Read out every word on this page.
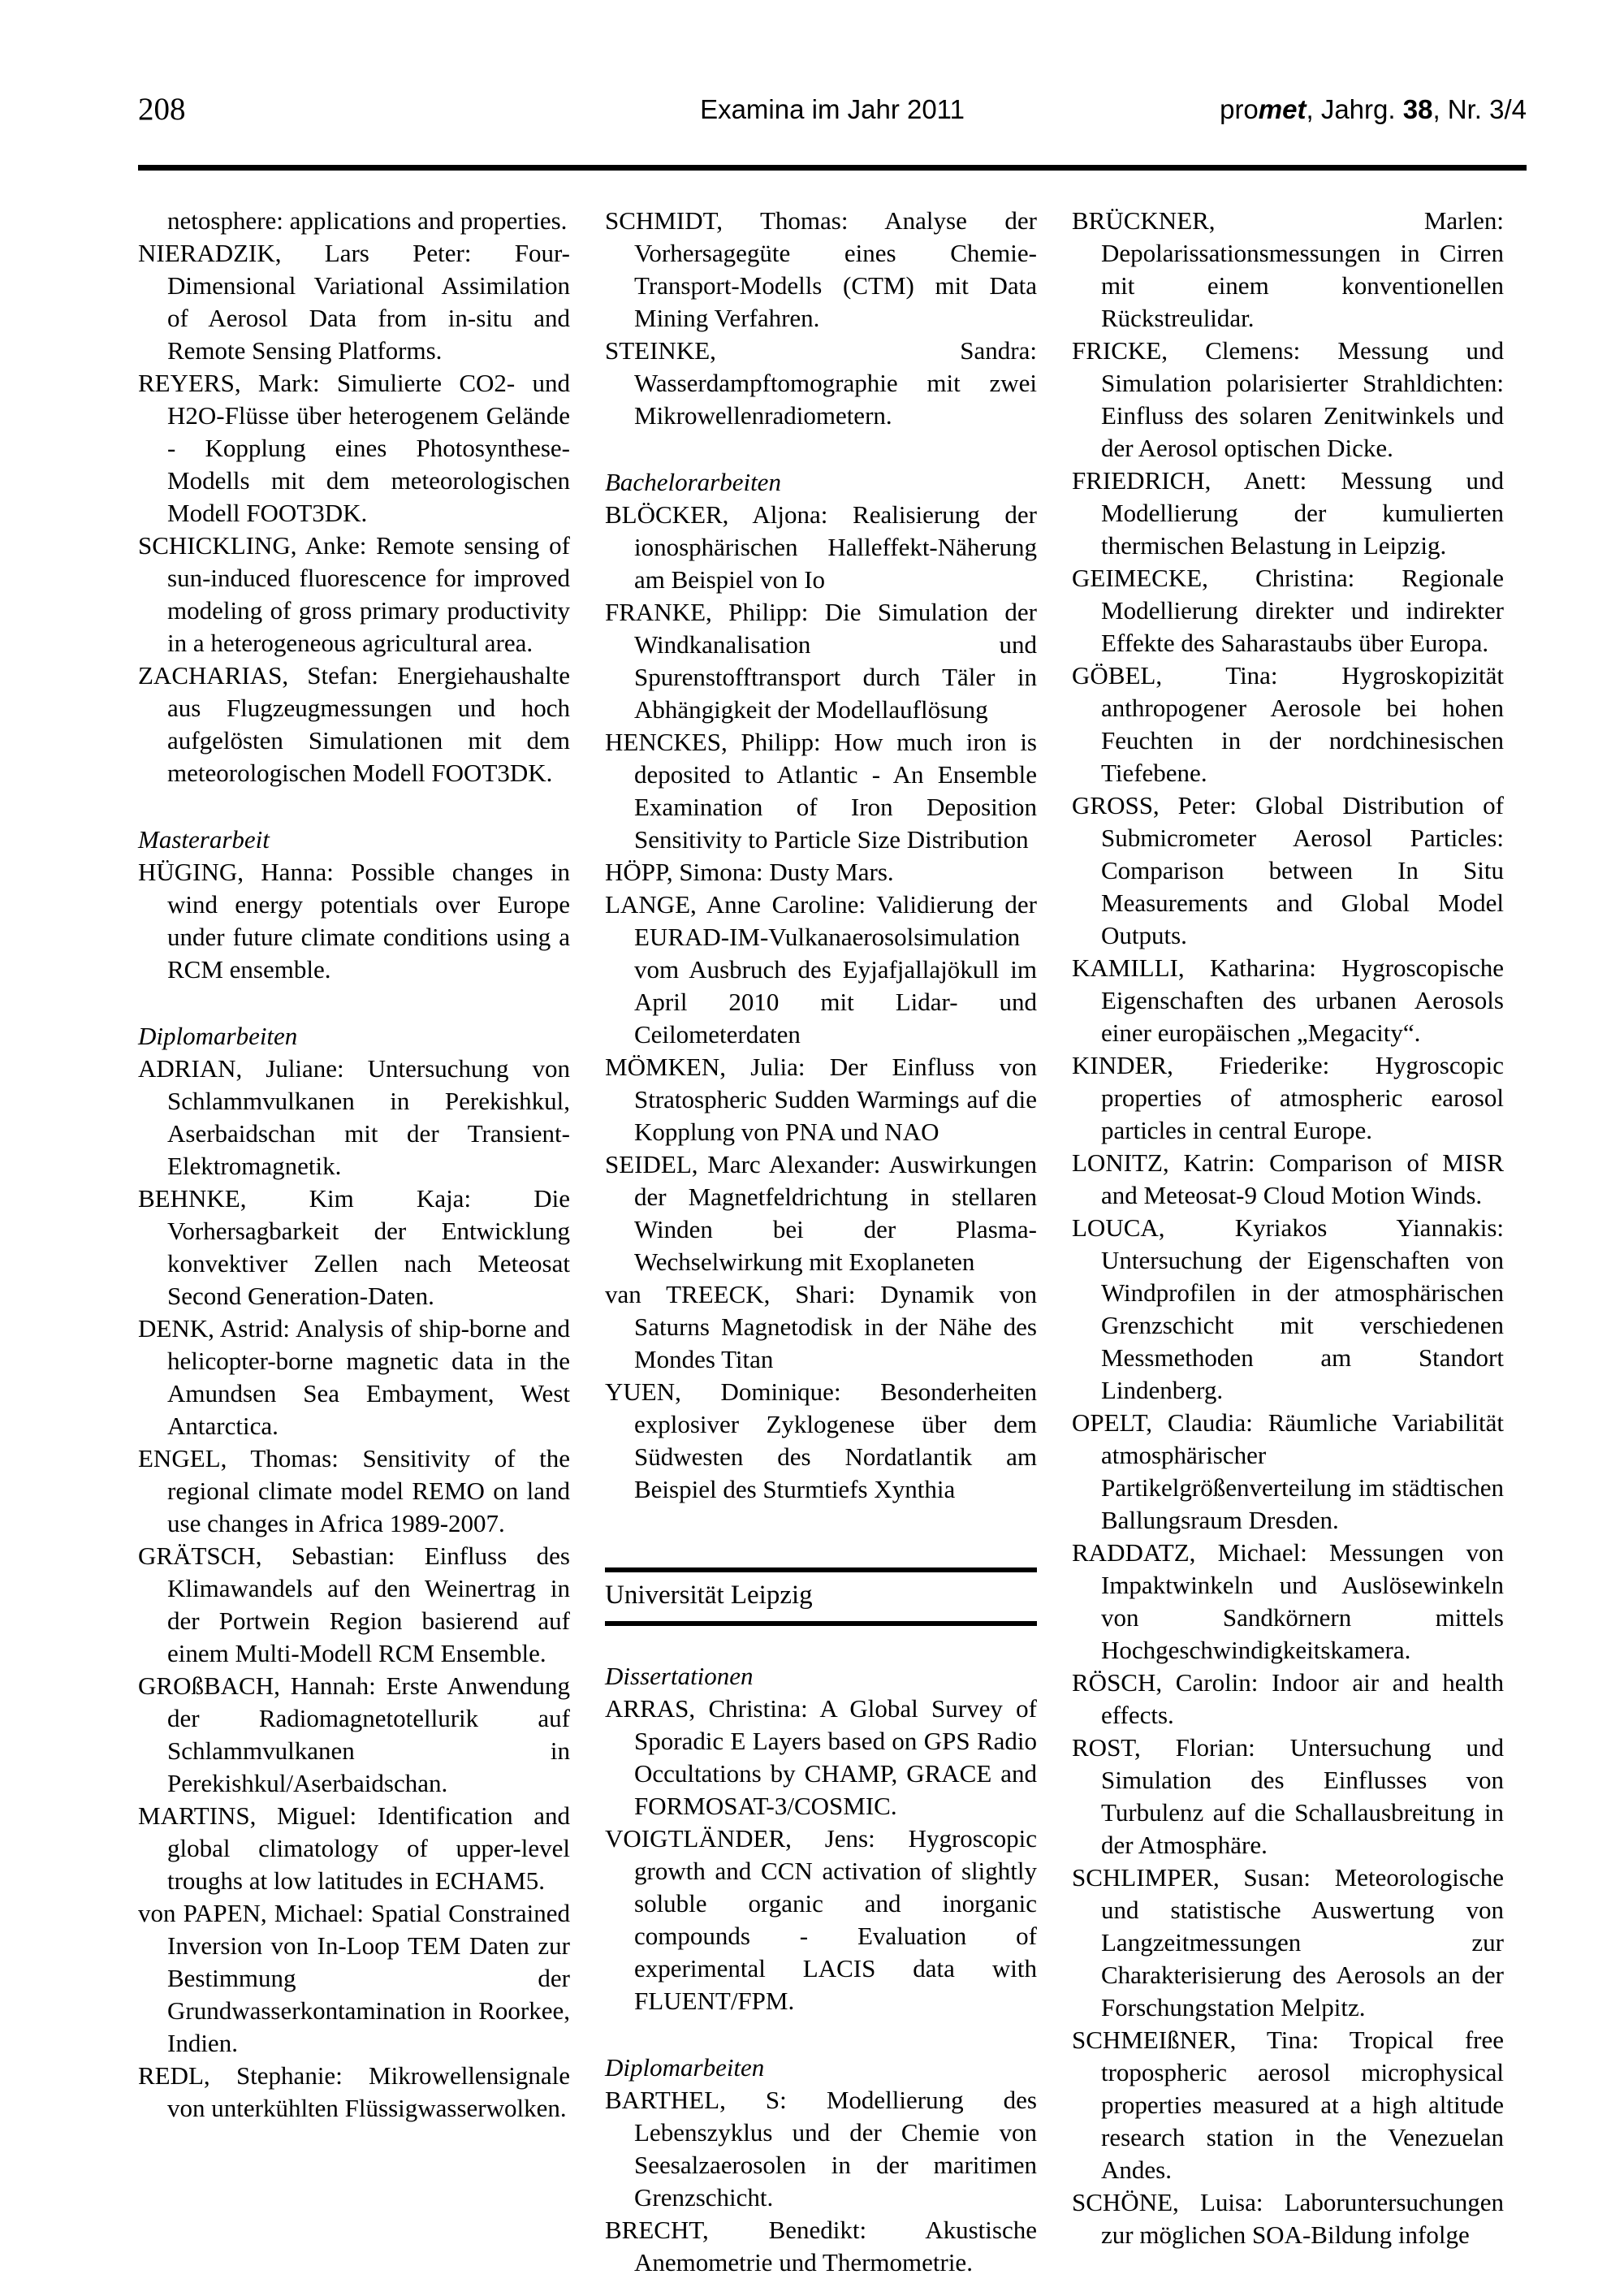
208	Examina im Jahr 2011	promet, Jahrg. 38, Nr. 3/4

netosphere: applications and properties.

NIERADZIK, Lars Peter: Four-Dimensional Variational Assimilation of Aerosol Data from in-situ and Remote Sensing Platforms.

REYERS, Mark: Simulierte CO2- und H2O-Flüsse über heterogenem Gelände - Kopplung eines Photosynthese-Modells mit dem meteorologischen Modell FOOT3DK.

SCHICKLING, Anke: Remote sensing of sun-induced fluorescence for improved modeling of gross primary productivity in a heterogeneous agricultural area.

ZACHARIAS, Stefan: Energiehaushalte aus Flugzeugmessungen und hoch aufgelösten Simulationen mit dem meteorologischen Modell FOOT3DK.

Masterarbeit

HÜGING, Hanna: Possible changes in wind energy potentials over Europe under future climate conditions using a RCM ensemble.

Diplomarbeiten

ADRIAN, Juliane: Untersuchung von Schlammvulkanen in Perekishkul, Aserbaidschan mit der Transient-Elektromagnetik.

BEHNKE, Kim Kaja: Die Vorhersagbarkeit der Entwicklung konvektiver Zellen nach Meteosat Second Generation-Daten.

DENK, Astrid: Analysis of ship-borne and helicopter-borne magnetic data in the Amundsen Sea Embayment, West Antarctica.

ENGEL, Thomas: Sensitivity of the regional climate model REMO on land use changes in Africa 1989-2007.

GRÄTSCH, Sebastian: Einfluss des Klimawandels auf den Weinertrag in der Portwein Region basierend auf einem Multi-Modell RCM Ensemble.

GROßBACH, Hannah: Erste Anwendung der Radiomagnetotellurik auf Schlammvulkanen in Perekishkul/Aserbaidschan.

MARTINS, Miguel: Identification and global climatology of upper-level troughs at low latitudes in ECHAM5.

von PAPEN, Michael: Spatial Constrained Inversion von In-Loop TEM Daten zur Bestimmung der Grundwasserkontamination in Roorkee, Indien.

REDL, Stephanie: Mikrowellensignale von unterkühlten Flüssigwasserwolken.

SCHMIDT, Thomas: Analyse der Vorhersagegüte eines Chemie-Transport-Modells (CTM) mit Data Mining Verfahren.

STEINKE, Sandra: Wasserdampftomographie mit zwei Mikrowellenradiometern.

Bachelorarbeiten

BLÖCKER, Aljona: Realisierung der ionosphärischen Halleffekt-Näherung am Beispiel von Io

FRANKE, Philipp: Die Simulation der Windkanalisation und Spurenstofftransport durch Täler in Abhängigkeit der Modellauflösung

HENCKES, Philipp: How much iron is deposited to Atlantic - An Ensemble Examination of Iron Deposition Sensitivity to Particle Size Distribution

HÖPP, Simona: Dusty Mars.

LANGE, Anne Caroline: Validierung der EURAD-IM-Vulkanaerosolsimulation vom Ausbruch des Eyjafjallajökull im April 2010 mit Lidar- und Ceilometerdaten

MÖMKEN, Julia: Der Einfluss von Stratospheric Sudden Warmings auf die Kopplung von PNA und NAO

SEIDEL, Marc Alexander: Auswirkungen der Magnetfeldrichtung in stellaren Winden bei der Plasma-Wechselwirkung mit Exoplaneten

van TREECK, Shari: Dynamik von Saturns Magnetodisk in der Nähe des Mondes Titan

YUEN, Dominique: Besonderheiten explosiver Zyklogenese über dem Südwesten des Nordatlantik am Beispiel des Sturmtiefs Xynthia

Universität Leipzig

Dissertationen

ARRAS, Christina: A Global Survey of Sporadic E Layers based on GPS Radio Occultations by CHAMP, GRACE and FORMOSAT-3/COSMIC.

VOIGTLÄNDER, Jens: Hygroscopic growth and CCN activation of slightly soluble organic and inorganic compounds - Evaluation of experimental LACIS data with FLUENT/FPM.

Diplomarbeiten

BARTHEL, S: Modellierung des Lebenszyklus und der Chemie von Seesalzaerosolen in der maritimen Grenzschicht.

BRECHT, Benedikt: Akustische Anemometrie und Thermometrie.

BRÜCKNER, Marlen: Depolarissationsmessungen in Cirren mit einem konventionellen Rückstreulidar.

FRICKE, Clemens: Messung und Simulation polarisierter Strahldichten: Einfluss des solaren Zenitwinkels und der Aerosol optischen Dicke.

FRIEDRICH, Anett: Messung und Modellierung der kumulierten thermischen Belastung in Leipzig.

GEIMECKE, Christina: Regionale Modellierung direkter und indirekter Effekte des Saharastaubs über Europa.

GÖBEL, Tina: Hygroskopizität anthropogener Aerosole bei hohen Feuchten in der nordchinesischen Tiefebene.

GROSS, Peter: Global Distribution of Submicrometer Aerosol Particles: Comparison between In Situ Measurements and Global Model Outputs.

KAMILLI, Katharina: Hygroscopische Eigenschaften des urbanen Aerosols einer europäischen „Megacity“.

KINDER, Friederike: Hygroscopic properties of atmospheric earosol particles in central Europe.

LONITZ, Katrin: Comparison of MISR and Meteosat-9 Cloud Motion Winds.

LOUCA, Kyriakos Yiannakis: Untersuchung der Eigenschaften von Windprofilen in der atmosphärischen Grenzschicht mit verschiedenen Messmethoden am Standort Lindenberg.

OPELT, Claudia: Räumliche Variabilität atmosphärischer Partikelgrößenverteilung im städtischen Ballungsraum Dresden.

RADDATZ, Michael: Messungen von Impaktwinkeln und Auslösewinkeln von Sandkörnern mittels Hochgeschwindigkeitskamera.

RÖSCH, Carolin: Indoor air and health effects.

ROST, Florian: Untersuchung und Simulation des Einflusses von Turbulenz auf die Schallausbreitung in der Atmosphäre.

SCHLIMPER, Susan: Meteorologische und statistische Auswertung von Langzeitmessungen zur Charakterisierung des Aerosols an der Forschungstation Melpitz.

SCHMEIßNER, Tina: Tropical free tropospheric aerosol microphysical properties measured at a high altitude research station in the Venezuelan Andes.

SCHÖNE, Luisa: Laboruntersuchungen zur möglichen SOA-Bildung infolge
